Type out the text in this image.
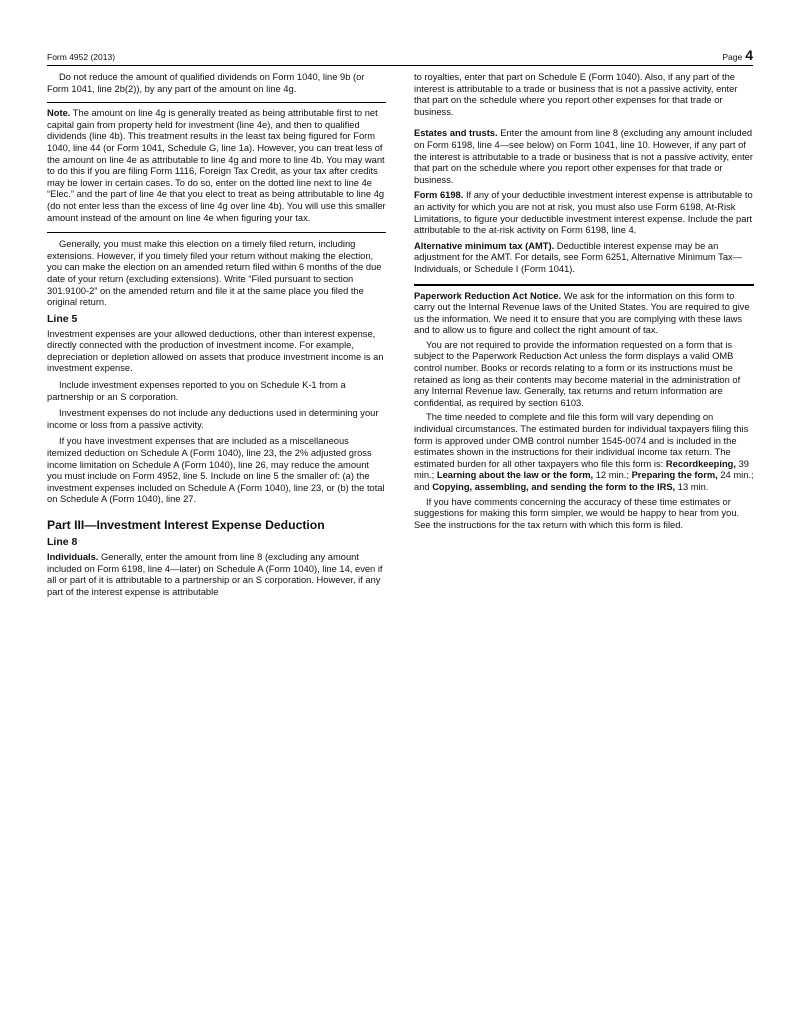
Form 4952 (2013)	Page 4

Do not reduce the amount of qualified dividends on Form 1040, line 9b (or Form 1041, line 2b(2)), by any part of the amount on line 4g.

Note. The amount on line 4g is generally treated as being attributable first to net capital gain from property held for investment (line 4e), and then to qualified dividends (line 4b). This treatment results in the least tax being figured for Form 1040, line 44 (or Form 1041, Schedule G, line 1a). However, you can treat less of the amount on line 4e as attributable to line 4g and more to line 4b. You may want to do this if you are filing Form 1116, Foreign Tax Credit, as your tax after credits may be lower in certain cases. To do so, enter on the dotted line next to line 4e “Elec.” and the part of line 4e that you elect to treat as being attributable to line 4g (do not enter less than the excess of line 4g over line 4b). You will use this smaller amount instead of the amount on line 4e when figuring your tax.

Generally, you must make this election on a timely filed return, including extensions. However, if you timely filed your return without making the election, you can make the election on an amended return filed within 6 months of the due date of your return (excluding extensions). Write “Filed pursuant to section 301.9100-2” on the amended return and file it at the same place you filed the original return.

Line 5

Investment expenses are your allowed deductions, other than interest expense, directly connected with the production of investment income. For example, depreciation or depletion allowed on assets that produce investment income is an investment expense.

Include investment expenses reported to you on Schedule K-1 from a partnership or an S corporation.

Investment expenses do not include any deductions used in determining your income or loss from a passive activity.

If you have investment expenses that are included as a miscellaneous itemized deduction on Schedule A (Form 1040), line 23, the 2% adjusted gross income limitation on Schedule A (Form 1040), line 26, may reduce the amount you must include on Form 4952, line 5. Include on line 5 the smaller of: (a) the investment expenses included on Schedule A (Form 1040), line 23, or (b) the total on Schedule A (Form 1040), line 27.

Part III—Investment Interest Expense Deduction

Line 8

Individuals. Generally, enter the amount from line 8 (excluding any amount included on Form 6198, line 4—later) on Schedule A (Form 1040), line 14, even if all or part of it is attributable to a partnership or an S corporation. However, if any part of the interest expense is attributable

to royalties, enter that part on Schedule E (Form 1040). Also, if any part of the interest is attributable to a trade or business that is not a passive activity, enter that part on the schedule where you report other expenses for that trade or business.

Estates and trusts. Enter the amount from line 8 (excluding any amount included on Form 6198, line 4—see below) on Form 1041, line 10. However, if any part of the interest is attributable to a trade or business that is not a passive activity, enter that part on the schedule where you report other expenses for that trade or business.

Form 6198. If any of your deductible investment interest expense is attributable to an activity for which you are not at risk, you must also use Form 6198, At-Risk Limitations, to figure your deductible investment interest expense. Include the part attributable to the at-risk activity on Form 6198, line 4.

Alternative minimum tax (AMT). Deductible interest expense may be an adjustment for the AMT. For details, see Form 6251, Alternative Minimum Tax—Individuals, or Schedule I (Form 1041).

Paperwork Reduction Act Notice. We ask for the information on this form to carry out the Internal Revenue laws of the United States. You are required to give us the information. We need it to ensure that you are complying with these laws and to allow us to figure and collect the right amount of tax.

You are not required to provide the information requested on a form that is subject to the Paperwork Reduction Act unless the form displays a valid OMB control number. Books or records relating to a form or its instructions must be retained as long as their contents may become material in the administration of any Internal Revenue law. Generally, tax returns and return information are confidential, as required by section 6103.

The time needed to complete and file this form will vary depending on individual circumstances. The estimated burden for individual taxpayers filing this form is approved under OMB control number 1545-0074 and is included in the estimates shown in the instructions for their individual income tax return. The estimated burden for all other taxpayers who file this form is: Recordkeeping, 39 min.; Learning about the law or the form, 12 min.; Preparing the form, 24 min.; and Copying, assembling, and sending the form to the IRS, 13 min.

If you have comments concerning the accuracy of these time estimates or suggestions for making this form simpler, we would be happy to hear from you. See the instructions for the tax return with which this form is filed.
